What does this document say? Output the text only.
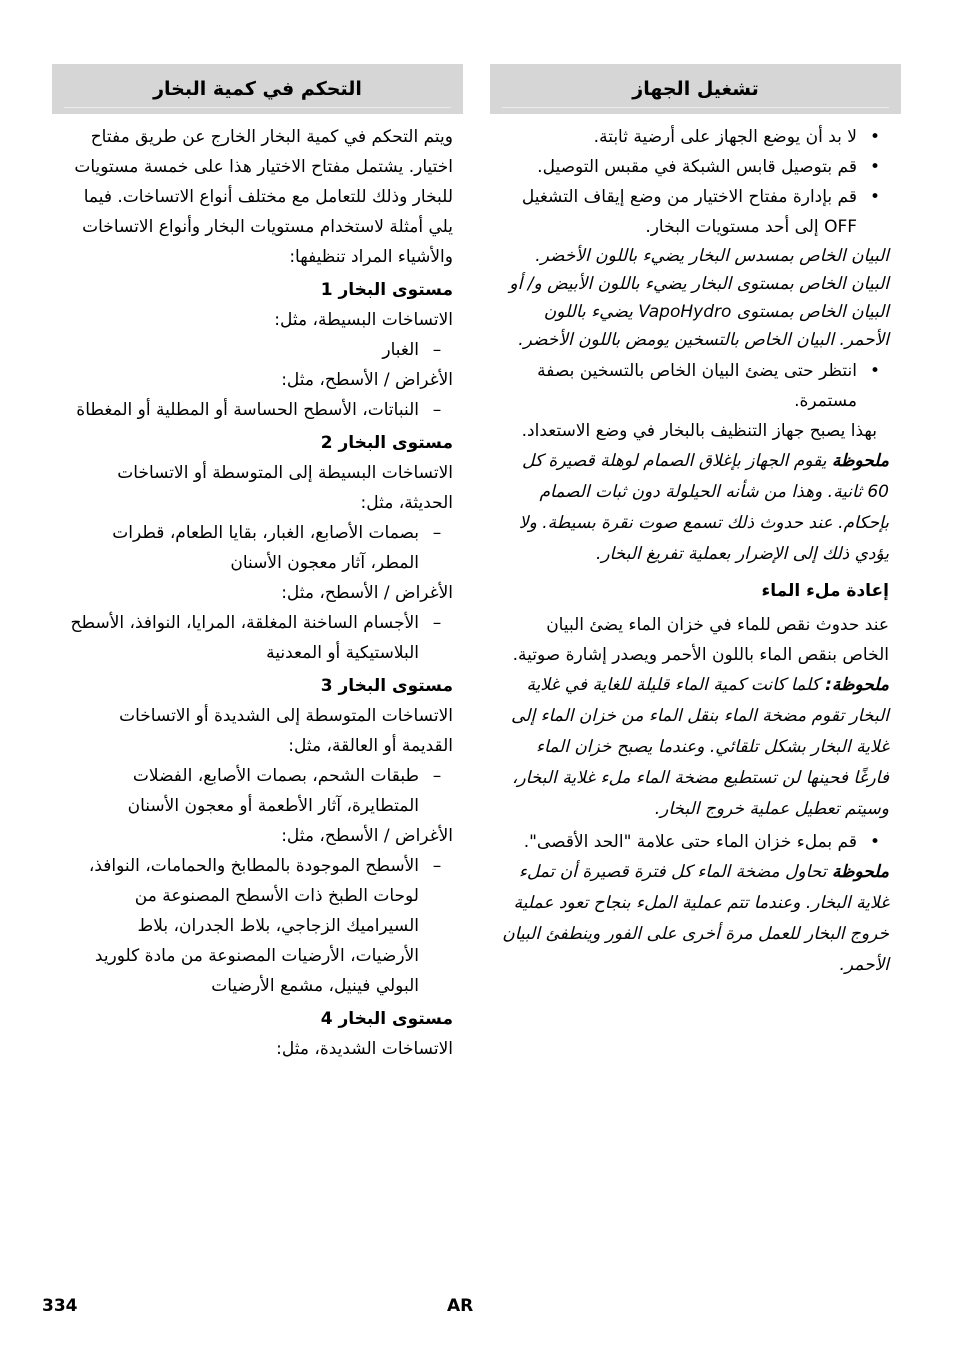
تشغيل الجهاز
•
لا بد أن يوضع الجهاز على أرضية ثابتة.
•
قم بتوصيل قابس الشبكة في مقبس التوصيل.
•
قم بإدارة مفتاح الاختيار من وضع إيقاف التشغيل OFF إلى أحد مستويات البخار.

البيان الخاص بمسدس البخار يضيء باللون الأخضر. البيان الخاص بمستوى البخار يضيء باللون الأبيض و/ أو البيان الخاص بمستوى VapoHydro يضيء باللون الأحمر. البيان الخاص بالتسخين يومض باللون الأخضر.

•
انتظر حتى يضئ البيان الخاص بالتسخين بصفة مستمرة.

بهذا يصبح جهاز التنظيف بالبخار في وضع الاستعداد.

ملحوظة يقوم الجهاز بإغلاق الصمام لوهلة قصيرة كل 60 ثانية. وهذا من شأنه الحيلولة دون ثبات الصمام بإحكام. عند حدوث ذلك تسمع صوت نقرة بسيطة. ولا يؤدي ذلك إلى الإضرار بعملية تفريغ البخار.

إعادة ملء الماء

عند حدوث نقص للماء في خزان الماء يضئ البيان الخاص بنقص الماء باللون الأحمر ويصدر إشارة صوتية.

ملحوظة: كلما كانت كمية الماء قليلة للغاية في غلاية البخار تقوم مضخة الماء بنقل الماء من خزان الماء إلى غلاية البخار بشكل تلقائي. وعندما يصبح خزان الماء فارغًا فحينها لن تستطيع مضخة الماء ملء غلاية البخار، وسيتم تعطيل عملية خروج البخار.

•
قم بملء خزان الماء حتى علامة "الحد الأقصى".

ملحوظة تحاول مضخة الماء كل فترة قصيرة أن تملء غلاية البخار. وعندما تتم عملية الملء بنجاح تعود عملية خروج البخار للعمل مرة أخرى على الفور وينطفئ البيان الأحمر.

التحكم في كمية البخار

ويتم التحكم في كمية البخار الخارج عن طريق مفتاح اختيار. يشتمل مفتاح الاختيار هذا على خمسة مستويات للبخار وذلك للتعامل مع مختلف أنواع الاتساخات. فيما يلي أمثلة لاستخدام مستويات البخار وأنواع الاتساخات والأشياء المراد تنظيفها:

مستوى البخار 1

الاتساخات البسيطة، مثل:

–
الغبار

الأغراض / الأسطح، مثل:

–
النباتات، الأسطح الحساسة أو المطلية أو المغطاة

مستوى البخار 2

الاتساخات البسيطة إلى المتوسطة أو الاتساخات الحديثة، مثل:

–
بصمات الأصابع، الغبار، بقايا الطعام، قطرات المطر، آثار معجون الأسنان

الأغراض / الأسطح، مثل:

–
الأجسام الساخنة المغلقة، المرايا، النوافذ، الأسطح البلاستيكية أو المعدنية

مستوى البخار 3

الاتساخات المتوسطة إلى الشديدة أو الاتساخات القديمة أو العالقة، مثل:

–
طبقات الشحم، بصمات الأصابع، الفضلات المتطايرة، آثار الأطعمة أو معجون الأسنان

الأغراض / الأسطح، مثل:

–
الأسطح الموجودة بالمطابخ والحمامات، النوافذ، لوحات الطبخ ذات الأسطح المصنوعة من السيراميك الزجاجي، بلاط الجدران، بلاط الأرضيات، الأرضيات المصنوعة من مادة كلوريد البولي فينيل، مشمع الأرضيات

مستوى البخار 4

الاتساخات الشديدة، مثل:

334	AR
